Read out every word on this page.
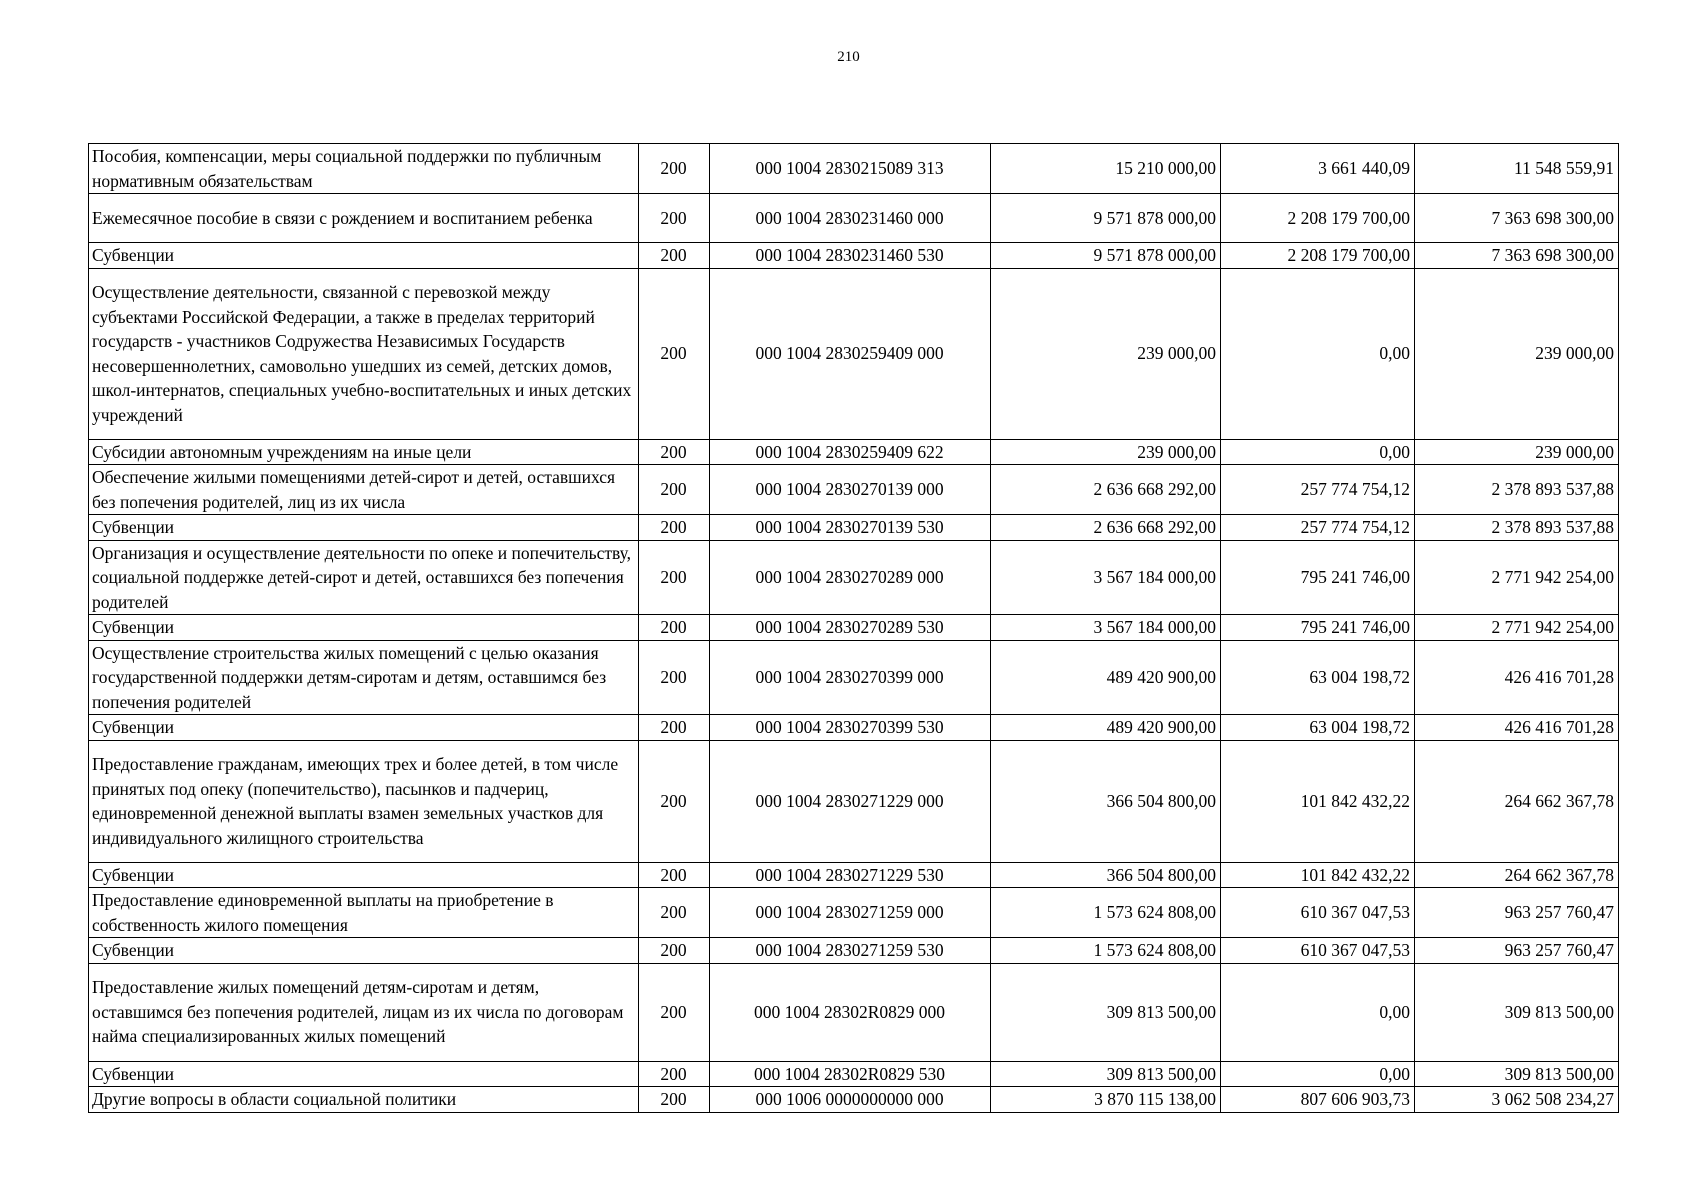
210
Пособия, компенсации, меры социальной поддержки по публичным нормативным обязательствам	200	000 1004 2830215089 313	15 210 000,00	3 661 440,09	11 548 559,91
Ежемесячное пособие в связи с рождением и воспитанием ребенка	200	000 1004 2830231460 000	9 571 878 000,00	2 208 179 700,00	7 363 698 300,00
Субвенции	200	000 1004 2830231460 530	9 571 878 000,00	2 208 179 700,00	7 363 698 300,00
Осуществление деятельности, связанной с перевозкой между субъектами Российской Федерации, а также в пределах территорий государств - участников Содружества Независимых Государств несовершеннолетних, самовольно ушедших из семей, детских домов, школ-интернатов, специальных учебно-воспитательных и иных детских учреждений	200	000 1004 2830259409 000	239 000,00	0,00	239 000,00
Субсидии автономным учреждениям на иные цели	200	000 1004 2830259409 622	239 000,00	0,00	239 000,00
Обеспечение жилыми помещениями детей-сирот и детей, оставшихся без попечения родителей, лиц из их числа	200	000 1004 2830270139 000	2 636 668 292,00	257 774 754,12	2 378 893 537,88
Субвенции	200	000 1004 2830270139 530	2 636 668 292,00	257 774 754,12	2 378 893 537,88
Организация и осуществление деятельности по опеке и попечительству, социальной поддержке детей-сирот и детей, оставшихся без попечения родителей	200	000 1004 2830270289 000	3 567 184 000,00	795 241 746,00	2 771 942 254,00
Субвенции	200	000 1004 2830270289 530	3 567 184 000,00	795 241 746,00	2 771 942 254,00
Осуществление строительства жилых помещений с целью оказания государственной поддержки детям-сиротам и детям, оставшимся без попечения родителей	200	000 1004 2830270399 000	489 420 900,00	63 004 198,72	426 416 701,28
Субвенции	200	000 1004 2830270399 530	489 420 900,00	63 004 198,72	426 416 701,28
Предоставление гражданам, имеющих трех и более детей, в том числе принятых под опеку (попечительство), пасынков и падчериц, единовременной денежной выплаты взамен земельных участков для индивидуального жилищного строительства	200	000 1004 2830271229 000	366 504 800,00	101 842 432,22	264 662 367,78
Субвенции	200	000 1004 2830271229 530	366 504 800,00	101 842 432,22	264 662 367,78
Предоставление единовременной выплаты на приобретение в собственность жилого помещения	200	000 1004 2830271259 000	1 573 624 808,00	610 367 047,53	963 257 760,47
Субвенции	200	000 1004 2830271259 530	1 573 624 808,00	610 367 047,53	963 257 760,47
Предоставление жилых помещений детям-сиротам и детям, оставшимся без попечения родителей, лицам из их числа по договорам найма специализированных жилых помещений	200	000 1004 28302R0829 000	309 813 500,00	0,00	309 813 500,00
Субвенции	200	000 1004 28302R0829 530	309 813 500,00	0,00	309 813 500,00
Другие вопросы в области социальной политики	200	000 1006 0000000000 000	3 870 115 138,00	807 606 903,73	3 062 508 234,27
